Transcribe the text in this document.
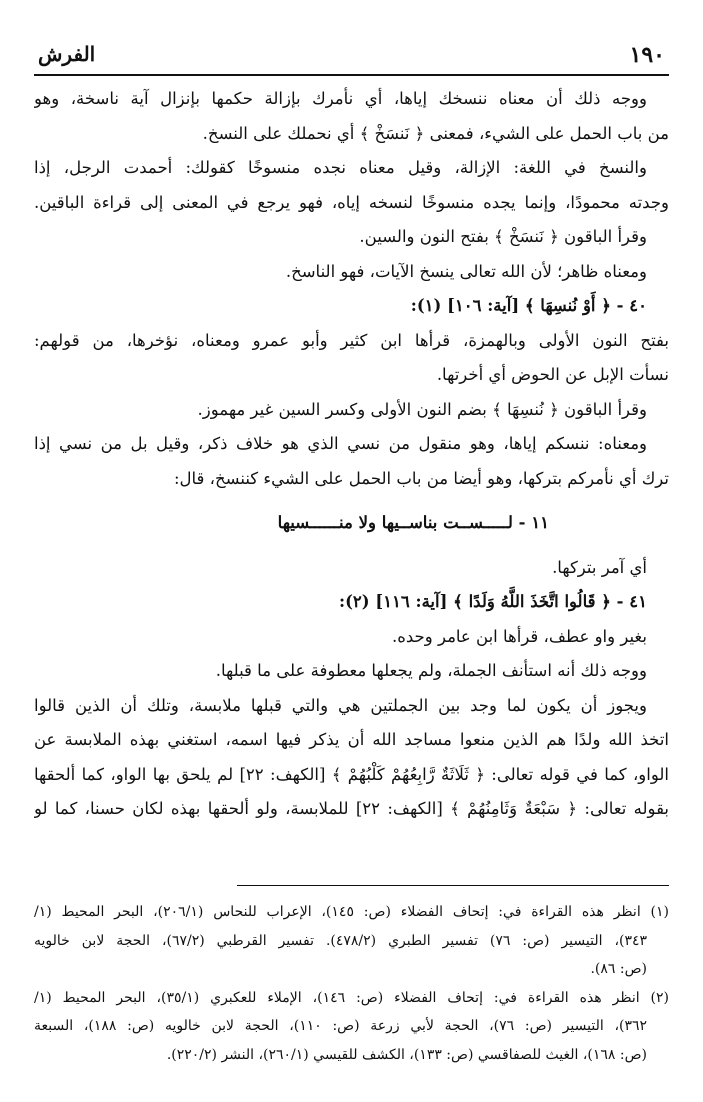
١٩٠
الفرش
ووجه ذلك أن معناه ننسخك إياها، أي نأمرك بإزالة حكمها بإنزال آية ناسخة، وهو
من باب الحمل على الشيء، فمعنى ﴿ نَنسَخْ ﴾ أي نحملك على النسخ.
والنسخ في اللغة: الإزالة، وقيل معناه نجده منسوخًا كقولك: أحمدت الرجل، إذا
وجدته محمودًا، وإنما يجده منسوخًا لنسخه إياه، فهو يرجع في المعنى إلى قراءة الباقين.
وقرأ الباقون ﴿ نَنسَخْ ﴾ بفتح النون والسين.
ومعناه ظاهر؛ لأن الله تعالى ينسخ الآيات، فهو الناسخ.
٤٠ - ﴿ أَوْ نُنسِهَا ﴾ [آية: ١٠٦] (١):
بفتح النون الأولى وبالهمزة، قرأها ابن كثير وأبو عمرو ومعناه، نؤخرها، من قولهم:
نسأت الإبل عن الحوض أي أخرتها.
وقرأ الباقون ﴿ نُنسِهَا ﴾ بضم النون الأولى وكسر السين غير مهموز.
ومعناه: ننسكم إياها، وهو منقول من نسي الذي هو خلاف ذكر، وقيل بل من نسي إذا
ترك أي نأمركم بتركها، وهو أيضا من باب الحمل على الشيء كننسخ، قال:
١١ - لـــــســت بناســيها ولا منــــــسيها
أي آمر بتركها.
٤١ - ﴿ قَالُوا اتَّخَذَ اللَّهُ وَلَدًا ﴾ [آية: ١١٦] (٢):
بغير واو عطف، قرأها ابن عامر وحده.
ووجه ذلك أنه استأنف الجملة، ولم يجعلها معطوفة على ما قبلها.
ويجوز أن يكون لما وجد بين الجملتين هي والتي قبلها ملابسة، وتلك أن الذين قالوا
اتخذ الله ولدًا هم الذين منعوا مساجد الله أن يذكر فيها اسمه، استغني بهذه الملابسة عن
الواو، كما في قوله تعالى: ﴿ ثَلَاثَةٌ رَّابِعُهُمْ كَلْبُهُمْ ﴾ [الكهف: ٢٢] لم يلحق بها الواو، كما ألحقها
بقوله تعالى: ﴿ سَبْعَةٌ وَثَامِنُهُمْ ﴾ [الكهف: ٢٢] للملابسة، ولو ألحقها بهذه لكان حسنا، كما لو
(١) انظر هذه القراءة في: إتحاف الفضلاء (ص: ١٤٥)، الإعراب للنحاس (٢٠٦/١)، البحر المحيط (١/
٣٤٣)، التيسير (ص: ٧٦) تفسير الطبري (٤٧٨/٢). تفسير القرطبي (٦٧/٢)، الحجة لابن خالويه
(ص: ٨٦).
(٢) انظر هذه القراءة في: إتحاف الفضلاء (ص: ١٤٦)، الإملاء للعكبري (٣٥/١)، البحر المحيط (١/
٣٦٢)، التيسير (ص: ٧٦)، الحجة لأبي زرعة (ص: ١١٠)، الحجة لابن خالويه (ص: ١٨٨)، السبعة
(ص: ١٦٨)، الغيث للصفاقسي (ص: ١٣٣)، الكشف للقيسي (٢٦٠/١)، النشر (٢٢٠/٢).
